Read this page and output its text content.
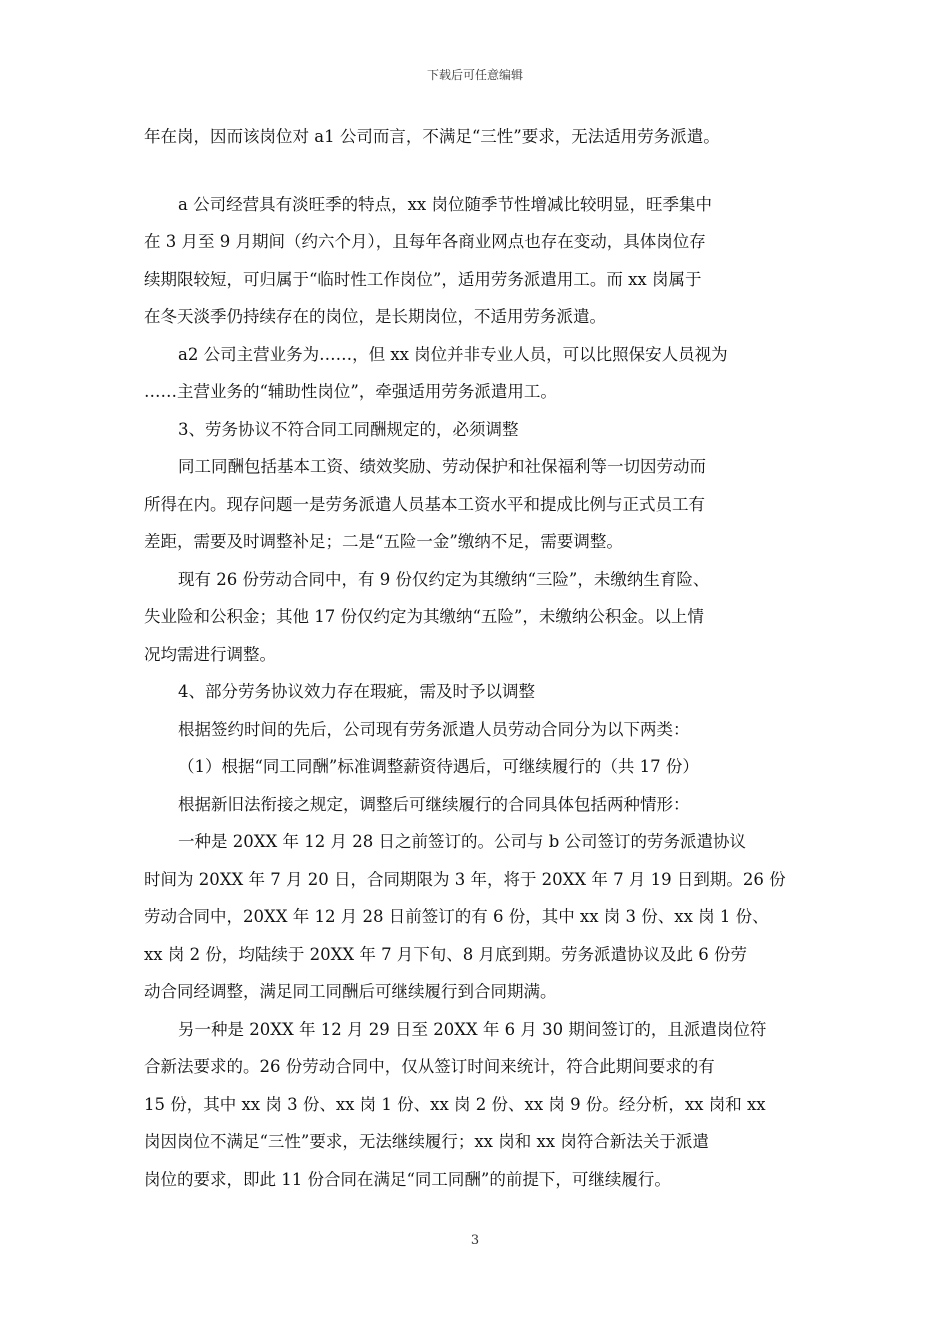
下载后可任意编辑
年在岗，因而该岗位对 a1 公司而言，不满足“三性”要求，无法适用劳务派遣。
a 公司经营具有淡旺季的特点，xx 岗位随季节性增减比较明显，旺季集中
在 3 月至 9 月期间（约六个月），且每年各商业网点也存在变动，具体岗位存
续期限较短，可归属于“临时性工作岗位”，适用劳务派遣用工。而 xx 岗属于
在冬天淡季仍持续存在的岗位，是长期岗位，不适用劳务派遣。
a2 公司主营业务为……，但 xx 岗位并非专业人员，可以比照保安人员视为
……主营业务的“辅助性岗位”，牵强适用劳务派遣用工。
3、劳务协议不符合同工同酬规定的，必须调整
同工同酬包括基本工资、绩效奖励、劳动保护和社保福利等一切因劳动而
所得在内。现存问题一是劳务派遣人员基本工资水平和提成比例与正式员工有
差距，需要及时调整补足；二是“五险一金”缴纳不足，需要调整。
现有 26 份劳动合同中，有 9 份仅约定为其缴纳“三险”，未缴纳生育险、
失业险和公积金；其他 17 份仅约定为其缴纳“五险”，未缴纳公积金。以上情
况均需进行调整。
4、部分劳务协议效力存在瑕疵，需及时予以调整
根据签约时间的先后，公司现有劳务派遣人员劳动合同分为以下两类：
（1）根据“同工同酬”标准调整薪资待遇后，可继续履行的（共 17 份）
根据新旧法衔接之规定，调整后可继续履行的合同具体包括两种情形：
一种是 20XX 年 12 月 28 日之前签订的。公司与 b 公司签订的劳务派遣协议
时间为 20XX 年 7 月 20 日，合同期限为 3 年，将于 20XX 年 7 月 19 日到期。26 份
劳动合同中，20XX 年 12 月 28 日前签订的有 6 份，其中 xx 岗 3 份、xx 岗 1 份、
xx 岗 2 份，均陆续于 20XX 年 7 月下旬、8 月底到期。劳务派遣协议及此 6 份劳
动合同经调整，满足同工同酬后可继续履行到合同期满。
另一种是 20XX 年 12 月 29 日至 20XX 年 6 月 30 期间签订的，且派遣岗位符
合新法要求的。26 份劳动合同中，仅从签订时间来统计，符合此期间要求的有
15 份，其中 xx 岗 3 份、xx 岗 1 份、xx 岗 2 份、xx 岗 9 份。经分析，xx 岗和 xx
岗因岗位不满足“三性”要求，无法继续履行；xx 岗和 xx 岗符合新法关于派遣
岗位的要求，即此 11 份合同在满足“同工同酬”的前提下，可继续履行。
3
